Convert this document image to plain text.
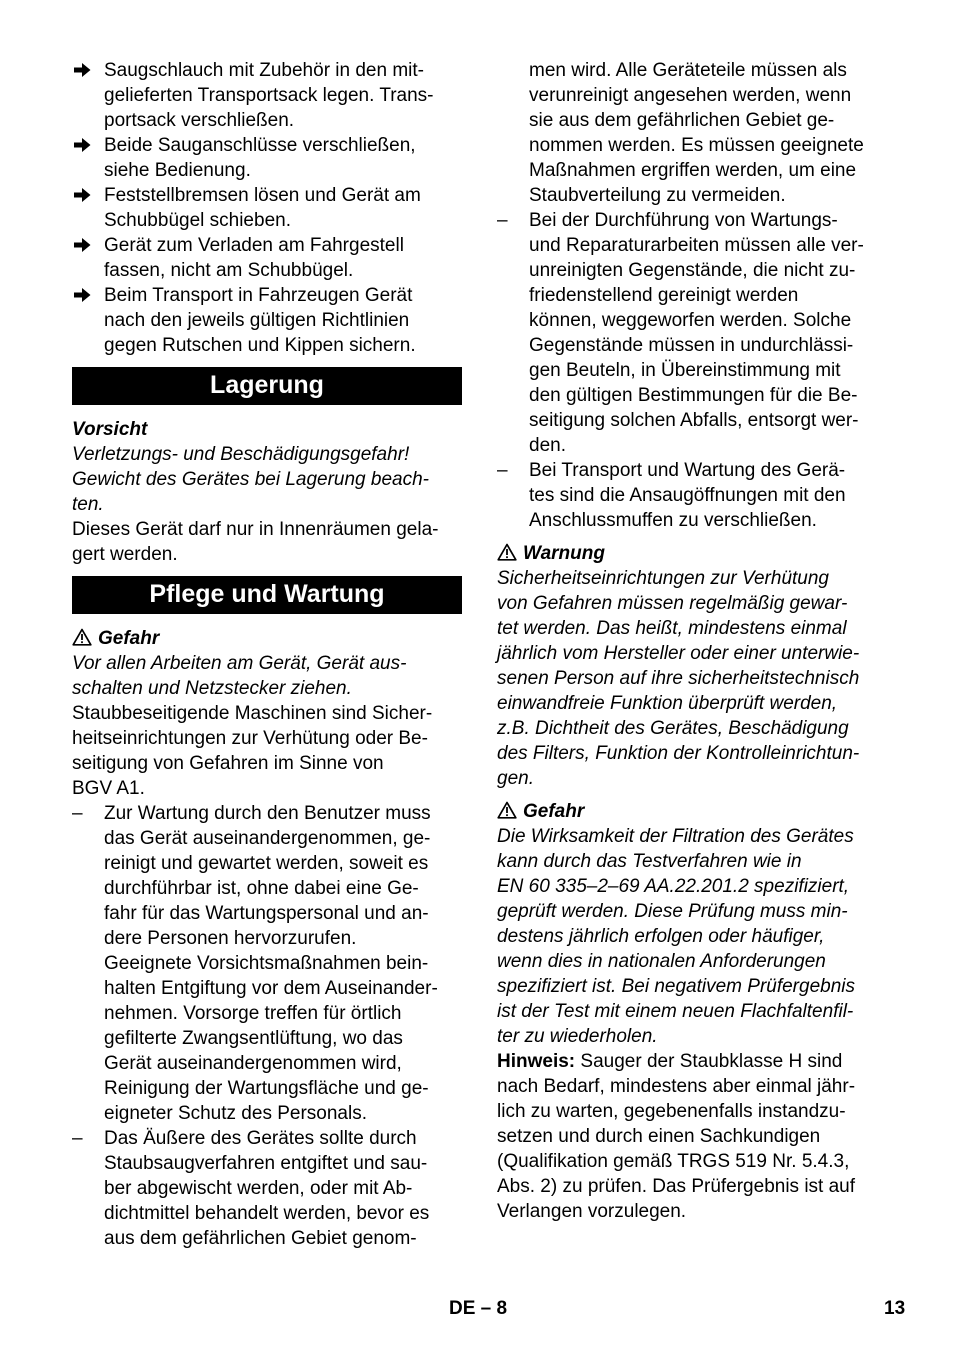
Saugschlauch mit Zubehör in den mit-
gelieferten Transportsack legen. Trans-
portsack verschließen.
Beide Sauganschlüsse verschließen,
siehe Bedienung.
Feststellbremsen lösen und Gerät am
Schubbügel schieben.
Gerät zum Verladen am Fahrgestell
fassen, nicht am Schubbügel.
Beim Transport in Fahrzeugen Gerät
nach den jeweils gültigen Richtlinien
gegen Rutschen und Kippen sichern.
Lagerung
Vorsicht
Verletzungs- und Beschädigungsgefahr!
Gewicht des Gerätes bei Lagerung beach-
ten.
Dieses Gerät darf nur in Innenräumen gela-
gert werden.
Pflege und Wartung
Gefahr
Vor allen Arbeiten am Gerät, Gerät aus-
schalten und Netzstecker ziehen.
Staubbeseitigende Maschinen sind Sicher-
heitseinrichtungen zur Verhütung oder Be-
seitigung von Gefahren im Sinne von
BGV A1.
– Zur Wartung durch den Benutzer muss
das Gerät auseinandergenommen, ge-
reinigt und gewartet werden, soweit es
durchführbar ist, ohne dabei eine Ge-
fahr für das Wartungspersonal und an-
dere Personen hervorzurufen.
Geeignete Vorsichtsmaßnahmen bein-
halten Entgiftung vor dem Auseinander-
nehmen. Vorsorge treffen für örtlich
gefilterte Zwangsentlüftung, wo das
Gerät auseinandergenommen wird,
Reinigung der Wartungsfläche und ge-
eigneter Schutz des Personals.
– Das Äußere des Gerätes sollte durch
Staubsaugverfahren entgiftet und sau-
ber abgewischt werden, oder mit Ab-
dichtmittel behandelt werden, bevor es
aus dem gefährlichen Gebiet genom-
men wird. Alle Geräteteile müssen als
verunreinigt angesehen werden, wenn
sie aus dem gefährlichen Gebiet ge-
nommen werden. Es müssen geeignete
Maßnahmen ergriffen werden, um eine
Staubverteilung zu vermeiden.
– Bei der Durchführung von Wartungs-
und Reparaturarbeiten müssen alle ver-
unreinigten Gegenstände, die nicht zu-
friedenstellend gereinigt werden
können, weggeworfen werden. Solche
Gegenstände müssen in undurchlässi-
gen Beuteln, in Übereinstimmung mit
den gültigen Bestimmungen für die Be-
seitigung solchen Abfalls, entsorgt wer-
den.
– Bei Transport und Wartung des Gerä-
tes sind die Ansaugöffnungen mit den
Anschlussmuffen zu verschließen.
Warnung
Sicherheitseinrichtungen zur Verhütung
von Gefahren müssen regelmäßig gewar-
tet werden. Das heißt, mindestens einmal
jährlich vom Hersteller oder einer unterwie-
senen Person auf ihre sicherheitstechnisch
einwandfreie Funktion überprüft werden,
z.B. Dichtheit des Gerätes, Beschädigung
des Filters, Funktion der Kontrolleinrichtun-
gen.
Gefahr
Die Wirksamkeit der Filtration des Gerätes
kann durch das Testverfahren wie in
EN 60 335–2–69 AA.22.201.2 spezifiziert,
geprüft werden. Diese Prüfung muss min-
destens jährlich erfolgen oder häufiger,
wenn dies in nationalen Anforderungen
spezifiziert ist. Bei negativem Prüfergebnis
ist der Test mit einem neuen Flachfaltenfil-
ter zu wiederholen.
Hinweis: Sauger der Staubklasse H sind
nach Bedarf, mindestens aber einmal jähr-
lich zu warten, gegebenenfalls instandzu-
setzen und durch einen Sachkundigen
(Qualifikation gemäß TRGS 519 Nr. 5.4.3,
Abs. 2) zu prüfen. Das Prüfergebnis ist auf
Verlangen vorzulegen.
DE – 8	13
